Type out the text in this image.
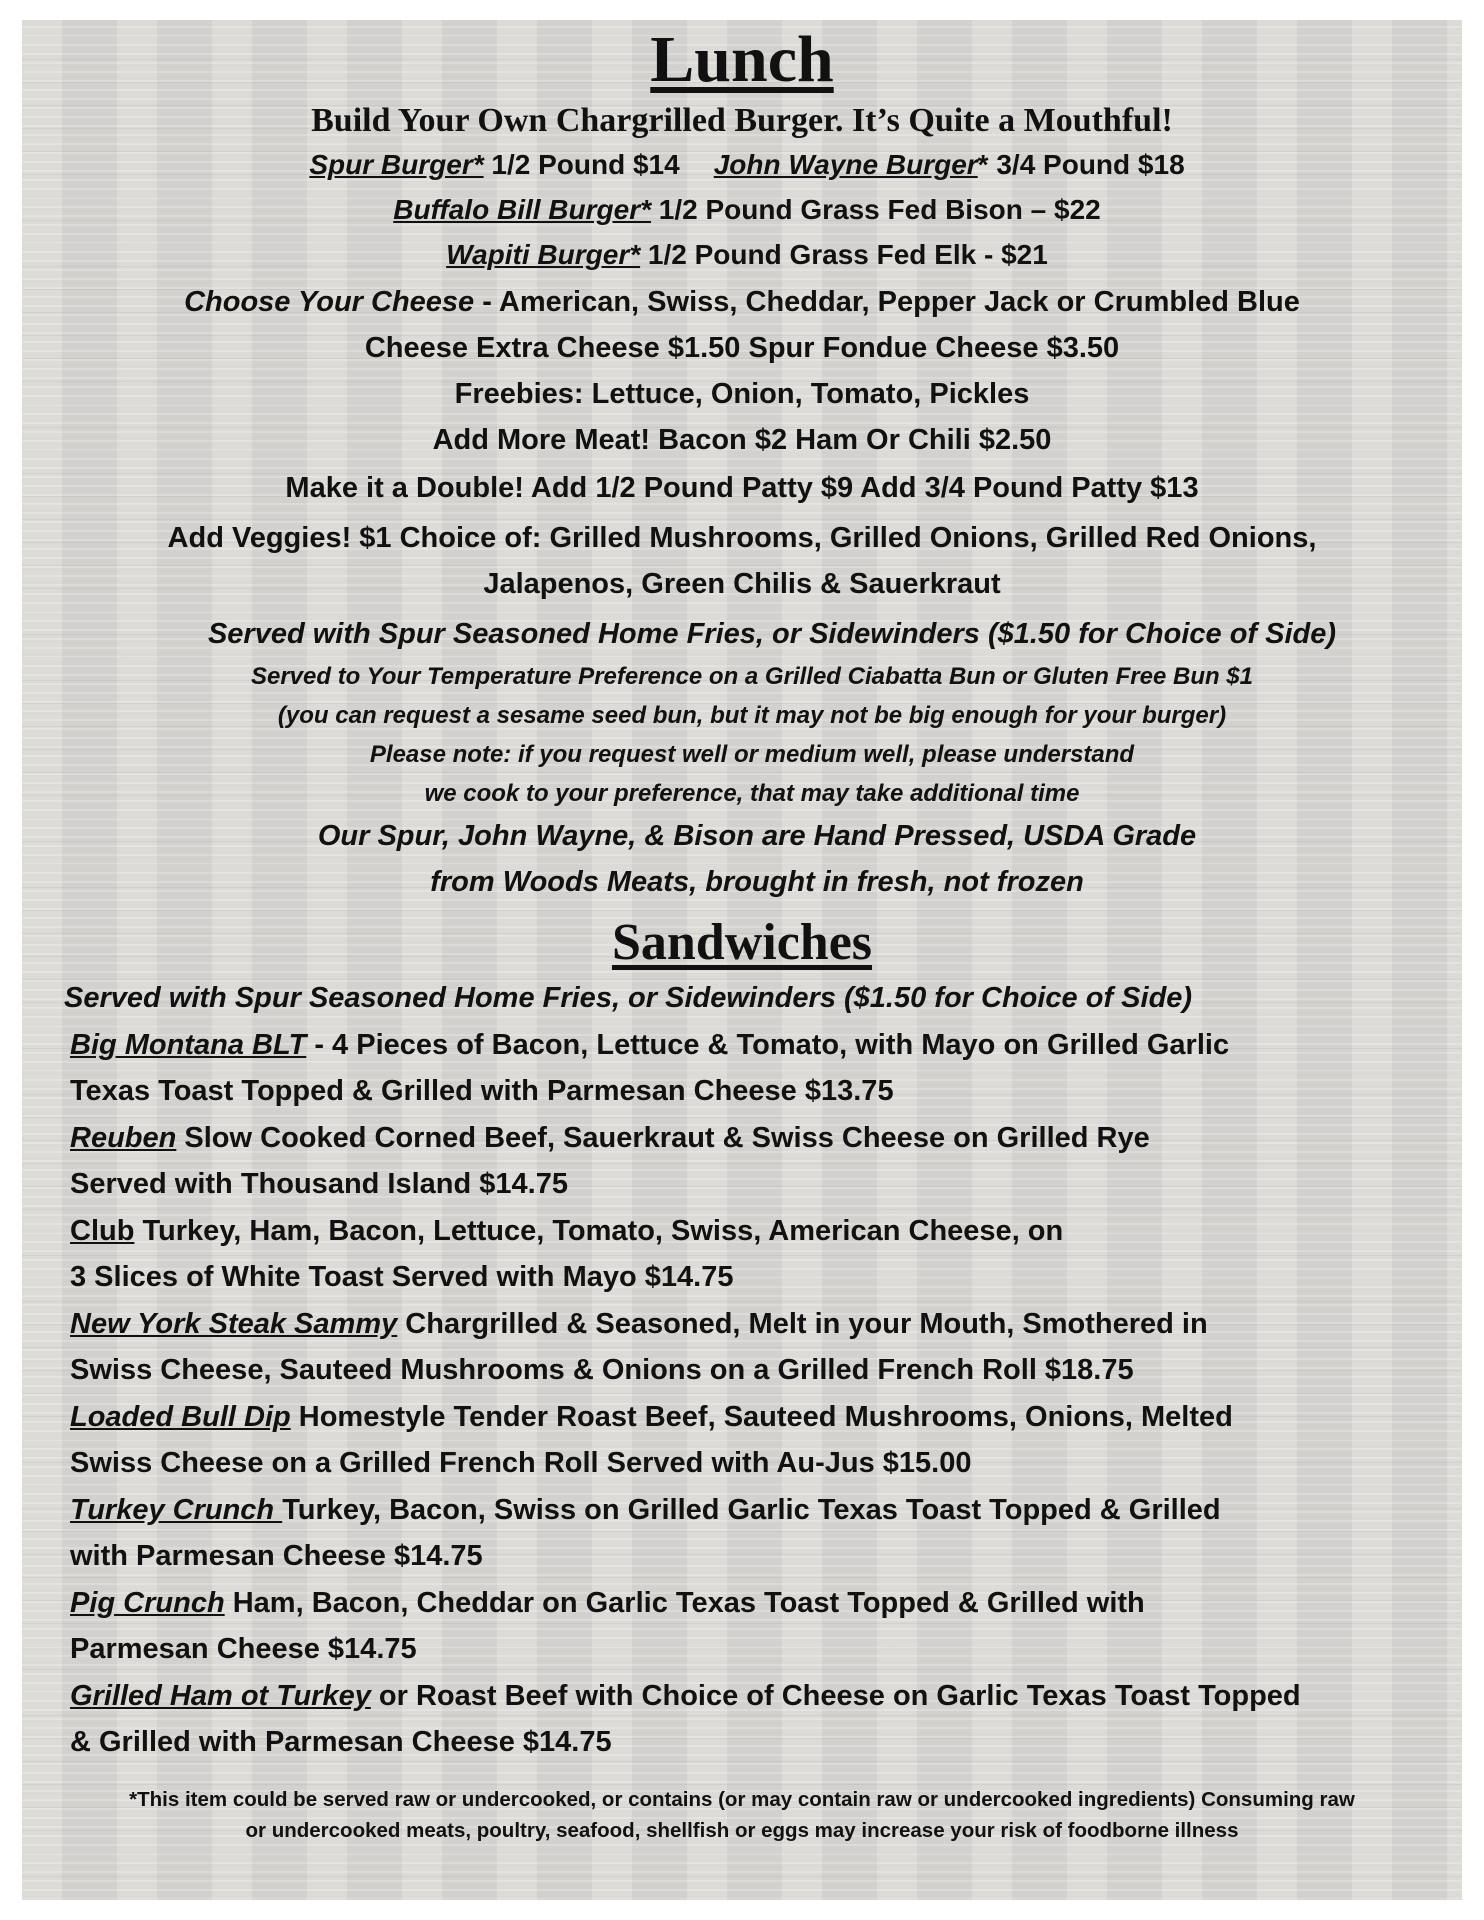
Lunch
Build Your Own Chargrilled Burger. It’s Quite a Mouthful!
Spur Burger* 1/2 Pound $14 John Wayne Burger* 3/4 Pound $18
Buffalo Bill Burger* 1/2 Pound Grass Fed Bison – $22
Wapiti Burger* 1/2 Pound Grass Fed Elk - $21
Choose Your Cheese - American, Swiss, Cheddar, Pepper Jack or Crumbled Blue
Cheese Extra Cheese $1.50 Spur Fondue Cheese $3.50
Freebies: Lettuce, Onion, Tomato, Pickles
Add More Meat! Bacon $2 Ham Or Chili $2.50
Make it a Double! Add 1/2 Pound Patty $9 Add 3/4 Pound Patty $13
Add Veggies! $1 Choice of: Grilled Mushrooms, Grilled Onions, Grilled Red Onions,
Jalapenos, Green Chilis & Sauerkraut
Served with Spur Seasoned Home Fries, or Sidewinders ($1.50 for Choice of Side)
Served to Your Temperature Preference on a Grilled Ciabatta Bun or Gluten Free Bun $1
(you can request a sesame seed bun, but it may not be big enough for your burger)
Please note: if you request well or medium well, please understand
we cook to your preference, that may take additional time
Our Spur, John Wayne, & Bison are Hand Pressed, USDA Grade
from Woods Meats, brought in fresh, not frozen
Sandwiches
Served with Spur Seasoned Home Fries, or Sidewinders ($1.50 for Choice of Side)
Big Montana BLT - 4 Pieces of Bacon, Lettuce & Tomato, with Mayo on Grilled Garlic
Texas Toast Topped & Grilled with Parmesan Cheese $13.75
Reuben Slow Cooked Corned Beef, Sauerkraut & Swiss Cheese on Grilled Rye
Served with Thousand Island $14.75
Club Turkey, Ham, Bacon, Lettuce, Tomato, Swiss, American Cheese, on
3 Slices of White Toast Served with Mayo $14.75
New York Steak Sammy Chargrilled & Seasoned, Melt in your Mouth, Smothered in
Swiss Cheese, Sauteed Mushrooms & Onions on a Grilled French Roll $18.75
Loaded Bull Dip Homestyle Tender Roast Beef, Sauteed Mushrooms, Onions, Melted
Swiss Cheese on a Grilled French Roll Served with Au-Jus $15.00
Turkey Crunch Turkey, Bacon, Swiss on Grilled Garlic Texas Toast Topped & Grilled
with Parmesan Cheese $14.75
Pig Crunch Ham, Bacon, Cheddar on Garlic Texas Toast Topped & Grilled with
Parmesan Cheese $14.75
Grilled Ham ot Turkey or Roast Beef with Choice of Cheese on Garlic Texas Toast Topped
& Grilled with Parmesan Cheese $14.75
*This item could be served raw or undercooked, or contains (or may contain raw or undercooked ingredients) Consuming raw
or undercooked meats, poultry, seafood, shellfish or eggs may increase your risk of foodborne illness
